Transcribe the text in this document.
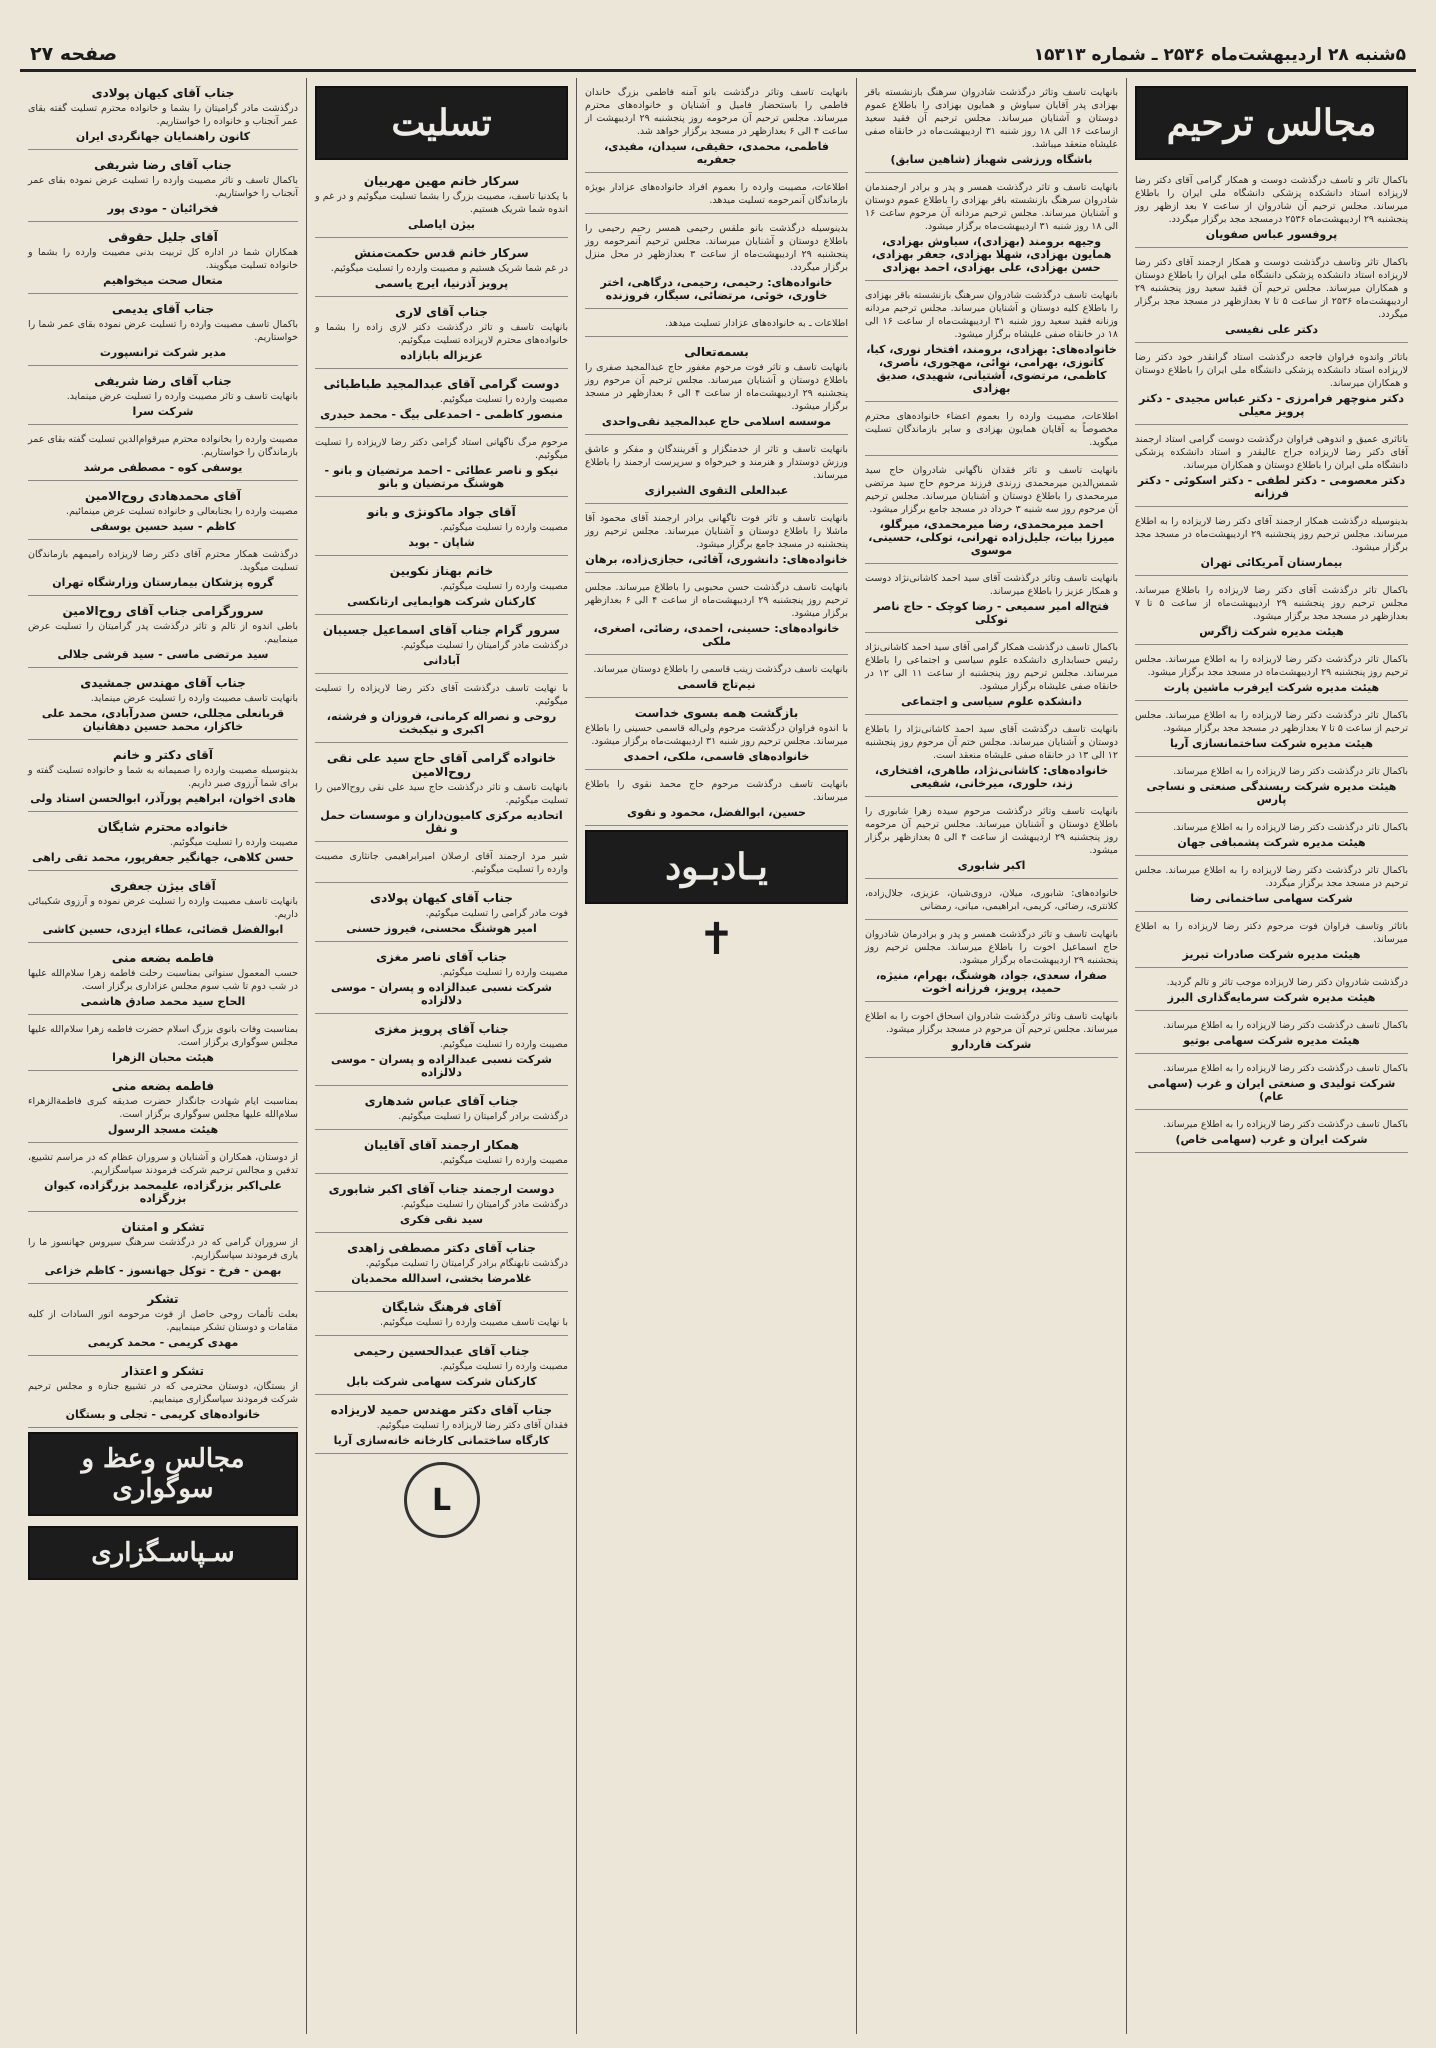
۵شنبه ۲۸ اردیبهشت‌ماه ۲۵۳۶ ـ شماره ۱۵۳۱۳
صفحه ۲۷
مجالس ترحیم
باکمال تاثر و تاسف درگذشت دوست و همکار گرامی آقای دکتر رضا لاریزاده استاد دانشکده پزشکی دانشگاه ملی ایران را باطلاع میرساند. مجلس ترحیم آن شادروان از ساعت ۷ بعد ازظهر روز پنجشنبه ۲۹ اردیبهشت‌ماه ۲۵۳۶ درمسجد مجد برگزار میگردد.
پروفسور عباس صفویان
باکمال تاثر وتاسف درگذشت دوست و همکار ارجمند آقای دکتر رضا لاریزاده استاد دانشکده پزشکی دانشگاه ملی ایران را باطلاع دوستان و همکاران میرساند. مجلس ترحیم آن فقید سعید روز پنجشنبه ۲۹ اردیبهشت‌ماه ۲۵۳۶ از ساعت ۵ تا ۷ بعدازظهر در مسجد مجد برگزار میگردد.
دکتر علی نفیسی
باتاثر واندوه فراوان فاجعه درگذشت استاد گرانقدر خود دکتر رضا لاریزاده استاد دانشکده پزشکی دانشگاه ملی ایران را باطلاع دوستان و همکاران میرساند.
دکتر منوچهر فرامرزی - دکتر عباس مجیدی - دکتر پرویز معیلی
باتاثری عمیق و اندوهی فراوان درگذشت دوست گرامی استاد ارجمند آقای دکتر رضا لاریزاده جراح عالیقدر و استاد دانشکده پزشکی دانشگاه ملی ایران را باطلاع دوستان و همکاران میرساند.
دکتر معصومی - دکتر لطفی - دکتر اسکوئی - دکتر فرزانه
بدینوسیله درگذشت همکار ارجمند آقای دکتر رضا لاریزاده را به اطلاع میرساند. مجلس ترحیم روز پنجشنبه ۲۹ اردیبهشت‌ماه در مسجد مجد برگزار میشود.
بیمارستان آمریکائی تهران
باکمال تاثر درگذشت آقای دکتر رضا لاریزاده را باطلاع میرساند. مجلس ترحیم روز پنجشنبه ۲۹ اردیبهشت‌ماه از ساعت ۵ تا ۷ بعدازظهر در مسجد مجد برگزار میشود.
هیئت مدیره شرکت زاگرس
باکمال تاثر درگذشت دکتر رضا لاریزاده را به اطلاع میرساند. مجلس ترحیم روز پنجشنبه ۲۹ اردیبهشت‌ماه در مسجد مجد برگزار میشود.
هیئت مدیره شرکت ایرفرب ماشین پارت
باکمال تاثر درگذشت دکتر رضا لاریزاده را به اطلاع میرساند. مجلس ترحیم از ساعت ۵ تا ۷ بعدازظهر در مسجد مجد برگزار میشود.
هیئت مدیره شرکت ساختمانسازی آریا
باکمال تاثر درگذشت دکتر رضا لاریزاده را به اطلاع میرساند.
هیئت مدیره شرکت ریسندگی صنعتی و نساجی پارس
باکمال تاثر درگذشت دکتر رضا لاریزاده را به اطلاع میرساند.
هیئت مدیره شرکت پشمبافی جهان
باکمال تاثر درگذشت دکتر رضا لاریزاده را به اطلاع میرساند. مجلس ترحیم در مسجد مجد برگزار میگردد.
شرکت سهامی ساختمانی رضا
باتاثر وتاسف فراوان فوت مرحوم دکتر رضا لاریزاده را به اطلاع میرساند.
هیئت مدیره شرکت صادرات تبریز
درگذشت شادروان دکتر رضا لاریزاده موجب تاثر و تالم گردید.
هیئت مدیره شرکت سرمایه‌گذاری البرز
باکمال تاسف درگذشت دکتر رضا لاریزاده را به اطلاع میرساند.
هیئت مدیره شرکت سهامی بوتیو
باکمال تاسف درگذشت دکتر رضا لاریزاده را به اطلاع میرساند.
شرکت تولیدی و صنعتی ایران و غرب (سهامی عام)
باکمال تاسف درگذشت دکتر رضا لاریزاده را به اطلاع میرساند.
شرکت ایران و غرب (سهامی خاص)
بانهایت تاسف وتاثر درگذشت شادروان سرهنگ بازنشسته باقر بهزادی پدر آقایان سیاوش و همایون بهزادی را باطلاع عموم دوستان و آشنایان میرساند. مجلس ترحیم آن فقید سعید ازساعت ۱۶ الی ۱۸ روز شنبه ۳۱ اردیبهشت‌ماه در خانقاه صفی علیشاه منعقد میباشد.
باشگاه ورزشی شهباز (شاهین سابق)
بانهایت تاسف و تاثر درگذشت همسر و پدر و برادر ارجمندمان شادروان سرهنگ بازنشسته باقر بهزادی را باطلاع عموم دوستان و آشنایان میرساند. مجلس ترحیم مردانه آن مرحوم ساعت ۱۶ الی ۱۸ روز شنبه ۳۱ اردیبهشت‌ماه برگزار میشود.
وجیهه برومند (بهزادی)، سیاوش بهزادی، همایون بهزادی، شهلا بهزادی، جعفر بهزادی، حسن بهزادی، علی بهزادی، احمد بهزادی
بانهایت تاسف درگذشت شادروان سرهنگ بازنشسته باقر بهزادی را باطلاع کلیه دوستان و آشنایان میرساند. مجلس ترحیم مردانه وزنانه فقید سعید روز شنبه ۳۱ اردیبهشت‌ماه از ساعت ۱۶ الی ۱۸ در خانقاه صفی علیشاه برگزار میشود.
خانواده‌های: بهزادی، برومند، افتخار نوری، کیا، کاتوزی، بهرامی، نوائی، مهجوری، ناصری، کاظمی، مرتضوی، آشتیانی، شهیدی، صدیق بهزادی
اطلاعات، مصیبت وارده را بعموم اعضاء خانواده‌های محترم مخصوصاً به آقایان همایون بهزادی و سایر بازماندگان تسلیت میگوید.
بانهایت تاسف و تاثر فقدان ناگهانی شادروان حاج سید شمس‌الدین میرمحمدی زرندی فرزند مرحوم حاج سید مرتضی میرمحمدی را باطلاع دوستان و آشنایان میرساند. مجلس ترحیم آن مرحوم روز سه شنبه ۳ خرداد در مسجد جامع برگزار میشود.
احمد میرمحمدی، رضا میرمحمدی، میرگلو، میرزا بیات، جلیل‌زاده تهرانی، توکلی، حسینی، موسوی
بانهایت تاسف وتاثر درگذشت آقای سید احمد کاشانی‌نژاد دوست و همکار عزیز را باطلاع میرساند.
فتح‌اله امیر سمیعی - رضا کوچک - حاج ناصر توکلی
باکمال تاسف درگذشت همکار گرامی آقای سید احمد کاشانی‌نژاد رئیس حسابداری دانشکده علوم سیاسی و اجتماعی را باطلاع میرساند. مجلس ترحیم روز پنجشنبه از ساعت ۱۱ الی ۱۲ در خانقاه صفی علیشاه برگزار میشود.
دانشکده علوم سیاسی و اجتماعی
بانهایت تاسف درگذشت آقای سید احمد کاشانی‌نژاد را باطلاع دوستان و آشنایان میرساند. مجلس ختم آن مرحوم روز پنجشنبه ۱۲ الی ۱۳ در خانقاه صفی علیشاه منعقد است.
خانواده‌های: کاشانی‌نژاد، طاهری، افتخاری، زند، حلوری، میرخانی، شفیعی
بانهایت تاسف وتاثر درگذشت مرحوم سیده زهرا شابوری را باطلاع دوستان و آشنایان میرساند. مجلس ترحیم آن مرحومه روز پنجشنبه ۲۹ اردیبهشت از ساعت ۴ الی ۵ بعدازظهر برگزار میشود.
اکبر شابوری
خانواده‌های: شابوری، میلان، دروی‌شیان، عزیزی، جلال‌زاده، کلانتری، رضائی، کریمی، ابراهیمی، میانی، رمضانی
بانهایت تاسف و تاثر درگذشت همسر و پدر و برادرمان شادروان حاج اسماعیل اخوت را باطلاع میرساند. مجلس ترحیم روز پنجشنبه ۲۹ اردیبهشت‌ماه برگزار میشود.
صفرا، سعدی، جواد، هوشنگ، بهرام، منیژه، حمید، پرویز، فرزانه اخوت
بانهایت تاسف وتاثر درگذشت شادروان اسحاق اخوت را به اطلاع میرساند. مجلس ترحیم آن مرحوم در مسجد برگزار میشود.
شرکت فاردارو
بانهایت تاسف وتاثر درگذشت بانو آمنه فاطمی بزرگ خاندان فاطمی را باستحضار فامیل و آشنایان و خانواده‌های محترم میرساند. مجلس ترحیم آن مرحومه روز پنجشنبه ۲۹ اردیبهشت از ساعت ۴ الی ۶ بعدازظهر در مسجد برگزار خواهد شد.
فاطمی، محمدی، حقیقی، سیدان، مفیدی، جعفریه
اطلاعات، مصیبت وارده را بعموم افراد خانواده‌های عزادار بویژه بازماندگان آنمرحومه تسلیت میدهد.
بدینوسیله درگذشت بانو ملقس رحیمی همسر رحیم رحیمی را باطلاع دوستان و آشنایان میرساند. مجلس ترحیم آنمرحومه روز پنجشنبه ۲۹ اردیبهشت‌ماه از ساعت ۳ بعدازظهر در محل منزل برگزار میگردد.
خانواده‌های: رحیمی، رحیمی، درگاهی، اختر خاوری، خوئی، مرتضائی، سیگار، فروزنده
اطلاعات ـ به خانواده‌های عزادار تسلیت میدهد.
بسمه‌تعالی
بانهایت تاسف و تاثر فوت مرحوم مغفور حاج عبدالمجید صفری را باطلاع دوستان و آشنایان میرساند. مجلس ترحیم آن مرحوم روز پنجشنبه ۲۹ اردیبهشت‌ماه از ساعت ۴ الی ۶ بعدازظهر در مسجد برگزار میشود.
موسسه اسلامی حاج عبدالمجید نقی‌واحدی
بانهایت تاسف و تاثر از خدمتگزار و آفرینندگان و مفکر و عاشق ورزش دوستدار و هنرمند و خیرخواه و سرپرست ارجمند را باطلاع میرساند.
عبدالعلی التقوی الشیرازی
بانهایت تاسف و تاثر فوت ناگهانی برادر ارجمند آقای محمود آقا ماشلا را باطلاع دوستان و آشنایان میرساند. مجلس ترحیم روز پنجشنبه در مسجد جامع برگزار میشود.
خانواده‌های: دانشوری، آقائی، حجازی‌زاده، برهان
بانهایت تاسف درگذشت حسن محبوبی را باطلاع میرساند. مجلس ترحیم روز پنجشنبه ۲۹ اردیبهشت‌ماه از ساعت ۴ الی ۶ بعدازظهر برگزار میشود.
خانواده‌های: حسینی، احمدی، رضائی، اصغری، ملکی
بانهایت تاسف درگذشت زینب قاسمی را باطلاع دوستان میرساند.
نیم‌تاج قاسمی
بازگشت همه بسوی خداست
با اندوه فراوان درگذشت مرحوم ولی‌اله قاسمی حسینی را باطلاع میرساند. مجلس ترحیم روز شنبه ۳۱ اردیبهشت‌ماه برگزار میشود.
خانواده‌های قاسمی، ملکی، احمدی
بانهایت تاسف درگذشت مرحوم حاج محمد نقوی را باطلاع میرساند.
حسین، ابوالفضل، محمود و نقوی
یـادبـود
✝
تسلیت
سرکار خانم مهین مهربیان
با یکدنیا تاسف، مصیبت بزرگ را بشما تسلیت میگوئیم و در غم و اندوه شما شریک هستیم.
بیژن ایاصلی
سرکار خانم قدس حکمت‌منش
در غم شما شریک هستیم و مصیبت وارده را تسلیت میگوئیم.
پرویز آذرنیا، ایرج یاسمی
جناب آقای لاری
بانهایت تاسف و تاثر درگذشت دکتر لاری زاده را بشما و خانواده‌های محترم لاریزاده تسلیت میگوئیم.
عزیزاله بابازاده
دوست گرامی آقای عبدالمجید طباطبائی
مصیبت وارده را تسلیت میگوئیم.
منصور کاظمی - احمدعلی بیگ - محمد حیدری
مرحوم مرگ ناگهانی استاد گرامی دکتر رضا لاریزاده را تسلیت میگوئیم.
نیکو و ناصر عطائی - احمد مرتضیان و بانو - هوشنگ مرتضیان و بانو
آقای جواد ماکونژی و بانو
مصیبت وارده را تسلیت میگوئیم.
شاپان - بوبد
خانم بهناز نکوبین
مصیبت وارده را تسلیت میگوئیم.
کارکنان شرکت هوایمایی ارتانکسی
سرور گرام جناب آقای اسماعیل جسیبان
درگذشت مادر گرامیتان را تسلیت میگوئیم.
آبادانی
با نهایت تاسف درگذشت آقای دکتر رضا لاریزاده را تسلیت میگوئیم.
روحی و نصراله کرمانی، فروزان و فرشته، اکبری و نیکبخت
خانواده گرامی آقای حاج سید علی نقی روح‌الامین
بانهایت تاسف و تاثر درگذشت حاج سید علی نقی روح‌الامین را تسلیت میگوئیم.
اتحادیه مرکزی کامیون‌داران و موسسات حمل و نقل
شیر مرد ارجمند آقای ارصلان امیرابراهیمی جانثاری مصیبت وارده را تسلیت میگوئیم.
جناب آقای کیهان پولادی
فوت مادر گرامی را تسلیت میگوئیم.
امیر هوشنگ محسنی، فیروز حسنی
جناب آقای ناصر مغزی
مصیبت وارده را تسلیت میگوئیم.
شرکت نسبی عبدالزاده و پسران - موسی دلالزاده
جناب آقای پرویز مغزی
مصیبت وارده را تسلیت میگوئیم.
شرکت نسبی عبدالزاده و پسران - موسی دلالزاده
جناب آقای عباس شدهاری
درگذشت برادر گرامیتان را تسلیت میگوئیم.
همکار ارجمند آقای آقاییان
مصیبت وارده را تسلیت میگوئیم.
دوست ارجمند جناب آقای اکبر شابوری
درگذشت مادر گرامیتان را تسلیت میگوئیم.
سید نقی فکری
جناب آقای دکتر مصطفی زاهدی
درگذشت نابهنگام برادر گرامیتان را تسلیت میگوئیم.
غلامرضا بخشی، اسدالله محمدیان
آقای فرهنگ شایگان
با نهایت تاسف مصیبت وارده را تسلیت میگوئیم.
جناب آقای عبدالحسین رحیمی
مصیبت وارده را تسلیت میگوئیم.
کارکنان شرکت سهامی شرکت بابل
جناب آقای دکتر مهندس حمید لاریزاده
فقدان آقای دکتر رضا لاریزاده را تسلیت میگوئیم.
کارگاه ساختمانی کارخانه خانه‌سازی آریا
L
جناب آقای کیهان پولادی
درگذشت مادر گرامیتان را بشما و خانواده محترم تسلیت گفته بقای عمر آنجناب و خانواده را خواستاریم.
کانون راهنمایان جهانگردی ایران
جناب آقای رضا شریفی
باکمال تاسف و تاثر مصیبت وارده را تسلیت عرض نموده بقای عمر آنجناب را خواستاریم.
فخرائیان - مودی پور
آقای جلیل حقوقی
همکاران شما در اداره کل تربیت بدنی مصیبت وارده را بشما و خانواده تسلیت میگویند.
متعال صحت میخواهیم
جناب آقای یدیمی
باکمال تاسف مصیبت وارده را تسلیت عرض نموده بقای عمر شما را خواستاریم.
مدیر شرکت ترانسپورت
جناب آقای رضا شریفی
بانهایت تاسف و تاثر مصیبت وارده را تسلیت عرض مینماید.
شرکت سرا
مصیبت وارده را بخانواده محترم میرقوام‌الدین تسلیت گفته بقای عمر بازماندگان را خواستاریم.
یوسفی کوه - مصطفی مرشد
آقای محمدهادی روح‌الامین
مصیبت وارده را بجنابعالی و خانواده تسلیت عرض مینمائیم.
کاظم - سید حسین یوسفی
درگذشت همکار محترم آقای دکتر رضا لاریزاده رامیمهم بازماندگان تسلیت میگوید.
گروه پزشکان بیمارستان وزارشگاه تهران
سرورگرامی جناب آقای روح‌الامین
باطی اندوه از تالم و تاثر درگذشت پدر گرامیتان را تسلیت عرض مینماییم.
سید مرتضی ماسی - سید قرشی جلالی
جناب آقای مهندس جمشیدی
بانهایت تاسف مصیبت وارده را تسلیت عرض مینماید.
قربانعلی مجللی، حسن صدرآبادی، محمد علی خاکزار، محمد حسین دهقانیان
آقای دکتر و خانم
بدینوسیله مصیبت وارده را صمیمانه به شما و خانواده تسلیت گفته و برای شما آرزوی صبر داریم.
هادی اخوان، ابراهیم پورآذر، ابوالحسن استاد ولی
خانواده محترم شایگان
مصیبت وارده را تسلیت میگوئیم.
حسن کلاهی، جهانگیر جعفرپور، محمد تقی راهی
آقای بیژن جعفری
بانهایت تاسف مصیبت وارده را تسلیت عرض نموده و آرزوی شکیبائی داریم.
ابوالفضل قضائی، عطاء ایزدی، حسین کاشی
فاطمه بضعه منی
حسب المعمول سنواتی بمناسبت رحلت فاطمه زهرا سلام‌الله علیها در شب دوم تا شب سوم مجلس عزاداری برگزار است.
الحاج سید محمد صادق هاشمی
بمناسبت وفات بانوی بزرگ اسلام حضرت فاطمه زهرا سلام‌الله علیها مجلس سوگواری برگزار است.
هیئت محبان الزهرا
فاطمه بضعه منی
بمناسبت ایام شهادت جانگداز حضرت صدیقه کبری فاطمةالزهراء سلام‌الله علیها مجلس سوگواری برگزار است.
هیئت مسجد الرسول
از دوستان، همکاران و آشنایان و سروران عظام که در مراسم تشییع، تدفین و مجالس ترحیم شرکت فرمودند سپاسگزاریم.
علی‌اکبر بزرگزاده، علیمحمد بزرگزاده، کیوان بزرگزاده
تشکر و امتنان
از سروران گرامی که در درگذشت سرهنگ سیروس جهانسوز ما را یاری فرمودند سپاسگزاریم.
بهمن - فرخ - توکل جهانسوز - کاظم خزاعی
تشکر
بعلت تألمات روحی حاصل از فوت مرحومه انور السادات از کلیه مقامات و دوستان تشکر مینماییم.
مهدی کریمی - محمد کریمی
تشکر و اعتذار
از بستگان، دوستان محترمی که در تشییع جنازه و مجلس ترحیم شرکت فرمودند سپاسگزاری مینماییم.
خانواده‌های کریمی - تجلی و بستگان
مجالس وعظ و سوگواری
سـپاسـگزاری
